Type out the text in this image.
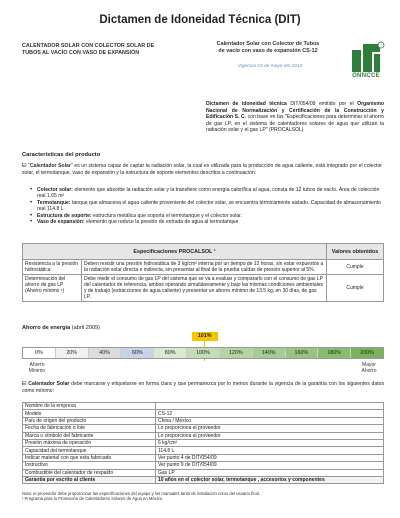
Dictamen de Idoneidad Técnica (DIT)
CALENTADOR SOLAR CON COLECTOR SOLAR DE
TUBOS AL VACÍO CON VASO DE EXPANSIÓN
Calentador Solar con Colector de Tubos
de vacío con vaso de expansión CS-12
Vigencia 15 de mayo del 2010
ONNCCE
Dictamen de idoneidad técnica DIT/054/09 emitido por el Organismo Nacional de Normalización y Certificación de la Construcción y Edificación S. C. con base en las "Especificaciones para determinar el ahorro de gas LP, en el sistema de calentadores solares de agua que utilizan la radiación solar y el gas LP" (PROCALSOL)
Características del producto
El "Calentador Solar" es un sistema capaz de captar la radiación solar, la cual es utilizada para la producción de agua caliente, está integrado por el colector solar, el termotanque, vaso de expansión y la estructura de soporte elementos descritos a continuación:
• Colector solar: elemento que absorbe la radiación solar y la transfiere como energía calorífica al agua, consta de 12 tubos de vacío. Área de colección real 1,65 m²
• Termotanque: tanque que almacena el agua caliente proveniente del colector solar, se encuentra térmicamente aislado. Capacidad de almacenamiento real 114.8 L
• Estructura de soporte: estructura metálica que soporta el termotanque y el colector solar.
• Vaso de expansión: elemento que reduce la presión de entrada de agua al termotanque
Especificaciones PROCALSOL ¹		Valores obtenidos
Resistencia a la presión hidrostática	Deben resistir una presión hidrostática de 3 kg/cm² interna por un tiempo de 12 horas, sin estar expuestos a la radiación solar directa e indirecta, sin presentar al final de la prueba caídas de presión superior al 5%.	Cumple
Determinación del ahorro de gas LP (Ahorro mínimo ¹)	Debe medir el consumo de gas LP del sistema que se va a evaluar y compararlo con el consumo de gas LP del calentador de referencia, ambos operando simultáneamente y bajo las mismas condiciones ambientales y de trabajo (extracciones de agua caliente) y presentar un ahorro mínimo de 13.5 kg, en 30 días, de gas LP.	Cumple
Ahorro de energía (abril 2009)
101%
0%	20%	40%	60%	80%	100%	120%	140%	160%	180%	200%
Ahorro
Mínimo
Mayor
Ahorro
El Calentador Solar debe marcarse y etiquetarse en forma clara y que permanezca por lo menos durante la vigencia de la garantía con los siguientes datos como mínimo:
Nombre de la empresa	
Modelo	CS-12
País de origen del producto	China / México
Fecha de fabricación o lote	Lo proporciona el proveedor
Marca o símbolo del fabricante	Lo proporciona el proveedor
Presión máxima de operación	6 kg/cm²
Capacidad del termotanque	114.8 L
Indicar material con que esta fabricado	Ver punto 4 de DIT/054/09
Instructivo	Ver punto 9 de DIT/054/09
Combustible del calentador de respaldo	Gas LP
Garantía por escrito al cliente	10 años en el colector solar, termotanque , accesorios y componentes
Nota: el proveedor debe proporcionar las especificaciones del equipo y los manuales tanto de instalación como del usuario final.
¹ Programa para la Promoción de Calentadores Solares de Agua en México.
